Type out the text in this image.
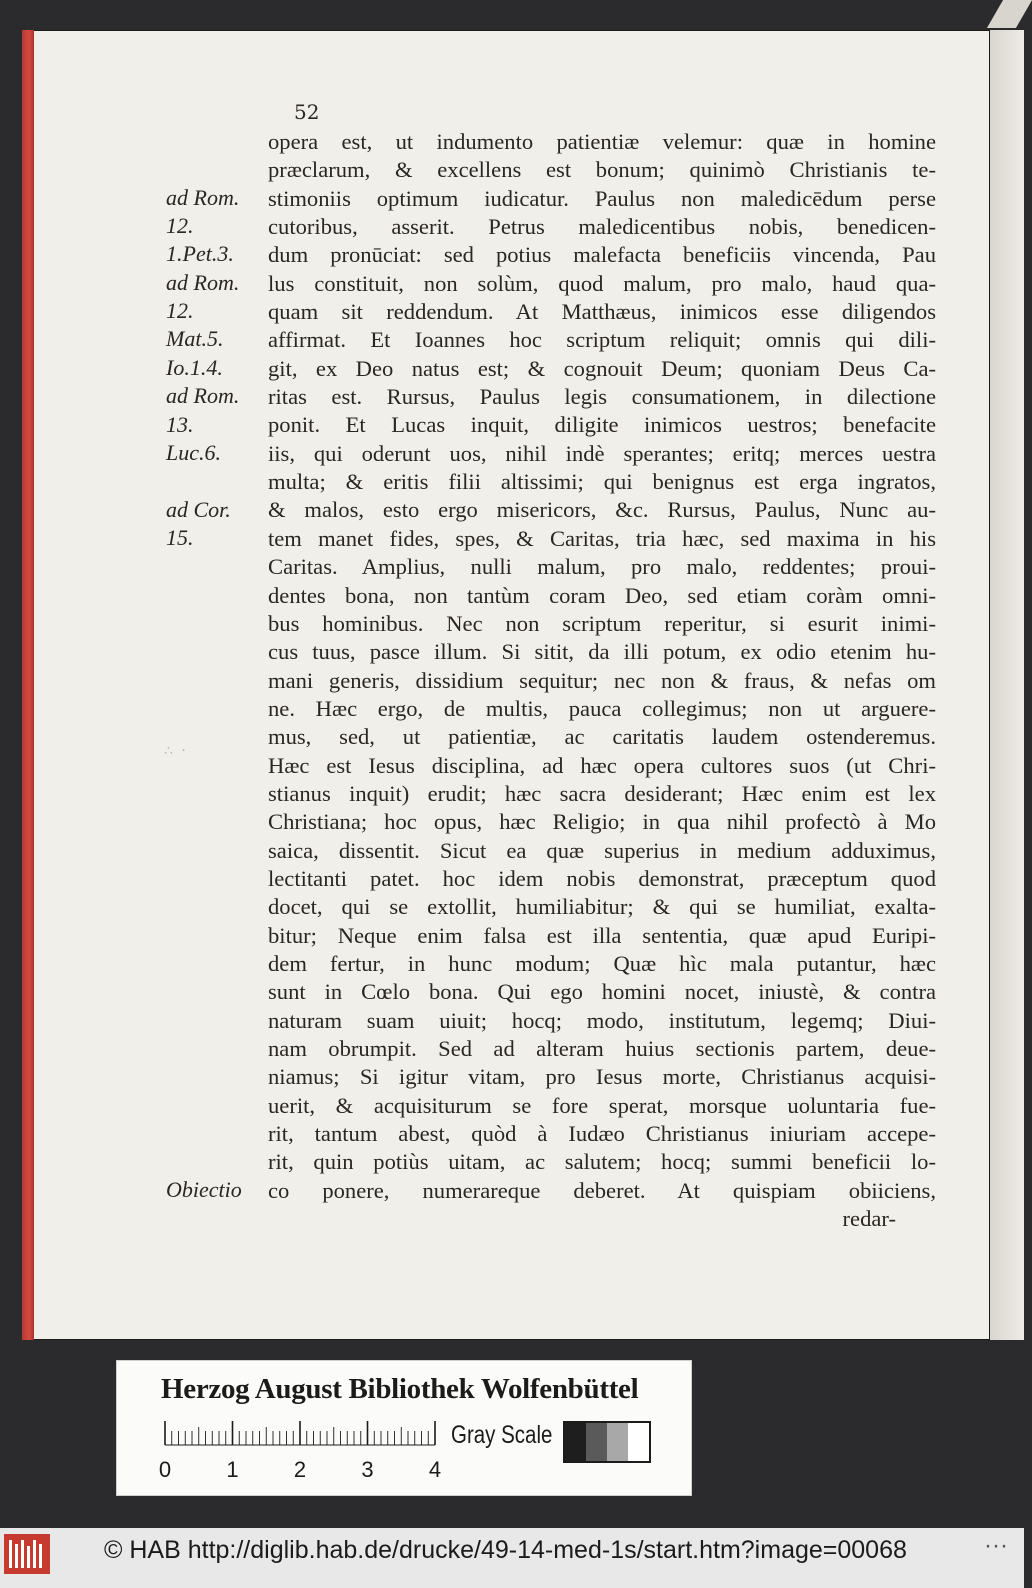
52
∴ ·
ad Rom.
12.
1.Pet.3.
ad Rom.
12.
Mat.5.
Io.1.4.
ad Rom.
13.
Luc.6.
ad Cor.
15.
Obiectio
opera est, ut indumento patientiæ velemur: quæ in homine
præclarum, & excellens est bonum; quinimò Christianis te-
stimoniis optimum iudicatur. Paulus non maledicēdum perse
cutoribus, asserit. Petrus maledicentibus nobis, benedicen-
dum pronūciat: sed potius malefacta beneficiis vincenda, Pau
lus constituit, non solùm, quod malum, pro malo, haud qua-
quam sit reddendum. At Matthæus, inimicos esse diligendos
affirmat. Et Ioannes hoc scriptum reliquit; omnis qui dili-
git, ex Deo natus est; & cognouit Deum; quoniam Deus Ca-
ritas est. Rursus, Paulus legis consumationem, in dilectione
ponit. Et Lucas inquit, diligite inimicos uestros; benefacite
iis, qui oderunt uos, nihil indè sperantes; eritq; merces uestra
multa; & eritis filii altissimi; qui benignus est erga ingratos,
& malos, esto ergo misericors, &c. Rursus, Paulus, Nunc au-
tem manet fides, spes, & Caritas, tria hæc, sed maxima in his
Caritas. Amplius, nulli malum, pro malo, reddentes; proui-
dentes bona, non tantùm coram Deo, sed etiam coràm omni-
bus hominibus. Nec non scriptum reperitur, si esurit inimi-
cus tuus, pasce illum. Si sitit, da illi potum, ex odio etenim hu-
mani generis, dissidium sequitur; nec non & fraus, & nefas om
ne. Hæc ergo, de multis, pauca collegimus; non ut arguere-
mus, sed, ut patientiæ, ac caritatis laudem ostenderemus.
Hæc est Iesus disciplina, ad hæc opera cultores suos (ut Chri-
stianus inquit) erudit; hæc sacra desiderant; Hæc enim est lex
Christiana; hoc opus, hæc Religio; in qua nihil profectò à Mo
saica, dissentit. Sicut ea quæ superius in medium adduximus,
lectitanti patet. hoc idem nobis demonstrat, præceptum quod
docet, qui se extollit, humiliabitur; & qui se humiliat, exalta-
bitur; Neque enim falsa est illa sententia, quæ apud Euripi-
dem fertur, in hunc modum; Quæ hìc mala putantur, hæc
sunt in Cœlo bona. Qui ego homini nocet, iniustè, & contra
naturam suam uiuit; hocq; modo, institutum, legemq; Diui-
nam obrumpit. Sed ad alteram huius sectionis partem, deue-
niamus; Si igitur vitam, pro Iesus morte, Christianus acquisi-
uerit, & acquisiturum se fore sperat, morsque uoluntaria fue-
rit, tantum abest, quòd à Iudæo Christianus iniuriam accepe-
rit, quin potiùs uitam, ac salutem; hocq; summi beneficii lo-
co ponere, numerareque deberet. At quispiam obiiciens,
redar-
Herzog August Bibliothek Wolfenbüttel
0	1	2	3	4
Gray Scale
© HAB http://diglib.hab.de/drucke/49-14-med-1s/start.htm?image=00068	···
